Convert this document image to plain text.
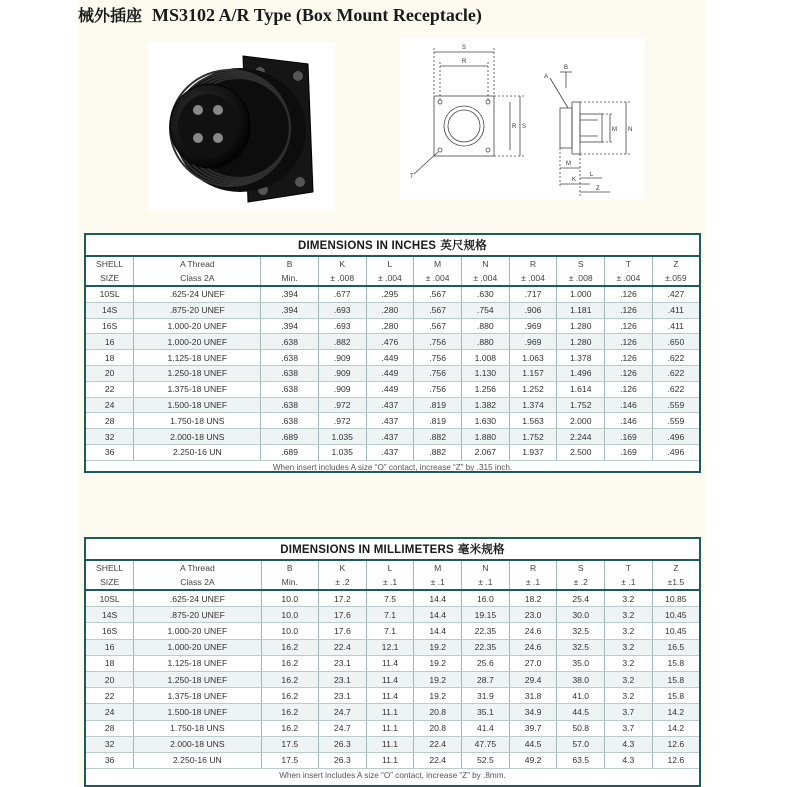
械外插座 MS3102 A/R Type (Box Mount Receptacle)
S
R
R S
T
A
B
M N
M
L
K
Z
DIMENSIONS IN INCHES 英尺规格
SHELL	A Thread	B	K	L	M	N	R	S	T	Z
SIZE	Class 2A	Min.	± .008	± .004	± .004	± .004	± .004	± .008	± .004	±.059
10SL	.625-24 UNEF	.394	.677	.295	.567	.630	.717	1.000	.126	.427
14S	.875-20 UNEF	.394	.693	.280	.567	.754	.906	1.181	.126	.411
16S	1.000-20 UNEF	.394	.693	.280	.567	.880	.969	1.280	.126	.411
16	1.000-20 UNEF	.638	.882	.476	.756	.880	.969	1.280	.126	.650
18	1.125-18 UNEF	.638	.909	.449	.756	1.008	1.063	1.378	.126	.622
20	1.250-18 UNEF	.638	.909	.449	.756	1.130	1.157	1.496	.126	.622
22	1.375-18 UNEF	.638	.909	.449	.756	1.256	1.252	1.614	.126	.622
24	1.500-18 UNEF	.638	.972	.437	.819	1.382	1.374	1.752	.146	.559
28	1.750-18 UNS	.638	.972	.437	.819	1.630	1.563	2.000	.146	.559
32	2.000-18 UNS	.689	1.035	.437	.882	1.880	1.752	2.244	.169	.496
36	2.250-16 UN	.689	1.035	.437	.882	2.067	1.937	2.500	.169	.496
When insert includes A size “O” contact, increase “Z” by .315 inch.
DIMENSIONS IN MILLIMETERS 毫米规格
SHELL	A Thread	B	K	L	M	N	R	S	T	Z
SIZE	Class 2A	Min.	± .2	± .1	± .1	± .1	± .1	± .2	± .1	±1.5
10SL	.625-24 UNEF	10.0	17.2	7.5	14.4	16.0	18.2	25.4	3.2	10.85
14S	.875-20 UNEF	10.0	17.6	7.1	14.4	19.15	23.0	30.0	3.2	10.45
16S	1.000-20 UNEF	10.0	17.6	7.1	14.4	22.35	24.6	32.5	3.2	10.45
16	1.000-20 UNEF	16.2	22.4	12.1	19.2	22.35	24.6	32.5	3.2	16.5
18	1.125-18 UNEF	16.2	23.1	11.4	19.2	25.6	27.0	35.0	3.2	15.8
20	1.250-18 UNEF	16.2	23.1	11.4	19.2	28.7	29.4	38.0	3.2	15.8
22	1.375-18 UNEF	16.2	23.1	11.4	19.2	31.9	31.8	41.0	3.2	15.8
24	1.500-18 UNEF	16.2	24.7	11.1	20.8	35.1	34.9	44.5	3.7	14.2
28	1.750-18 UNS	16.2	24.7	11.1	20.8	41.4	39.7	50.8	3.7	14.2
32	2.000-18 UNS	17.5	26.3	11.1	22.4	47.75	44.5	57.0	4.3	12.6
36	2.250-16 UN	17.5	26.3	11.1	22.4	52.5	49.2	63.5	4.3	12.6
When insert includes A size “O” contact, increase “Z” by .8mm.
